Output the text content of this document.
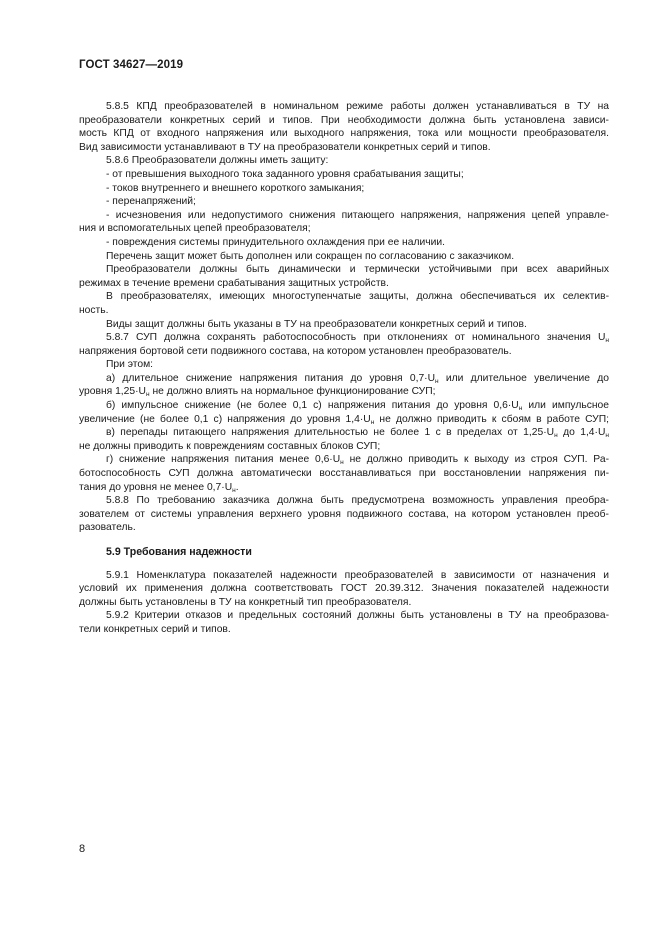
ГОСТ 34627—2019

5.8.5 КПД преобразователей в номинальном режиме работы должен устанавливаться в ТУ на

преобразователи конкретных серий и типов. При необходимости должна быть установлена зависи-

мость КПД от входного напряжения или выходного напряжения, тока или мощности преобразователя.

Вид зависимости устанавливают в ТУ на преобразователи конкретных серий и типов.

5.8.6 Преобразователи должны иметь защиту:

- от превышения выходного тока заданного уровня срабатывания защиты;

- токов внутреннего и внешнего короткого замыкания;

- перенапряжений;

- исчезновения или недопустимого снижения питающего напряжения, напряжения цепей управле-

ния и вспомогательных цепей преобразователя;

- повреждения системы принудительного охлаждения при ее наличии.

Перечень защит может быть дополнен или сокращен по согласованию с заказчиком.

Преобразователи должны быть динамически и термически устойчивыми при всех аварийных

режимах в течение времени срабатывания защитных устройств.

В преобразователях, имеющих многоступенчатые защиты, должна обеспечиваться их селектив-

ность.

Виды защит должны быть указаны в ТУ на преобразователи конкретных серий и типов.

5.8.7 СУП должна сохранять работоспособность при отклонениях от номинального значения $U_н$

напряжения бортовой сети подвижного состава, на котором установлен преобразователь.

При этом:

а) длительное снижение напряжения питания до уровня $0,7\cdot U_н$ или длительное увеличение до

уровня $1,25\cdot U_н$ не должно влиять на нормальное функционирование СУП;

б) импульсное снижение (не более 0,1 с) напряжения питания до уровня $0,6\cdot U_н$ или импульсное

увеличение (не более 0,1 с) напряжения до уровня $1,4\cdot U_н$ не должно приводить к сбоям в работе СУП;

в) перепады питающего напряжения длительностью не более 1 с в пределах от $1,25\cdot U_н$ до $1,4\cdot U_н$

не должны приводить к повреждениям составных блоков СУП;

г) снижение напряжения питания менее $0,6\cdot U_н$ не должно приводить к выходу из строя СУП. Ра-

ботоспособность СУП должна автоматически восстанавливаться при восстановлении напряжения пи-

тания до уровня не менее $0,7\cdot U_н$.

5.8.8 По требованию заказчика должна быть предусмотрена возможность управления преобра-

зователем от системы управления верхнего уровня подвижного состава, на котором установлен преоб-

разователь.

5.9 Требования надежности

5.9.1 Номенклатура показателей надежности преобразователей в зависимости от назначения и

условий их применения должна соответствовать ГОСТ 20.39.312. Значения показателей надежности

должны быть установлены в ТУ на конкретный тип преобразователя.

5.9.2 Критерии отказов и предельных состояний должны быть установлены в ТУ на преобразова-

тели конкретных серий и типов.

8
